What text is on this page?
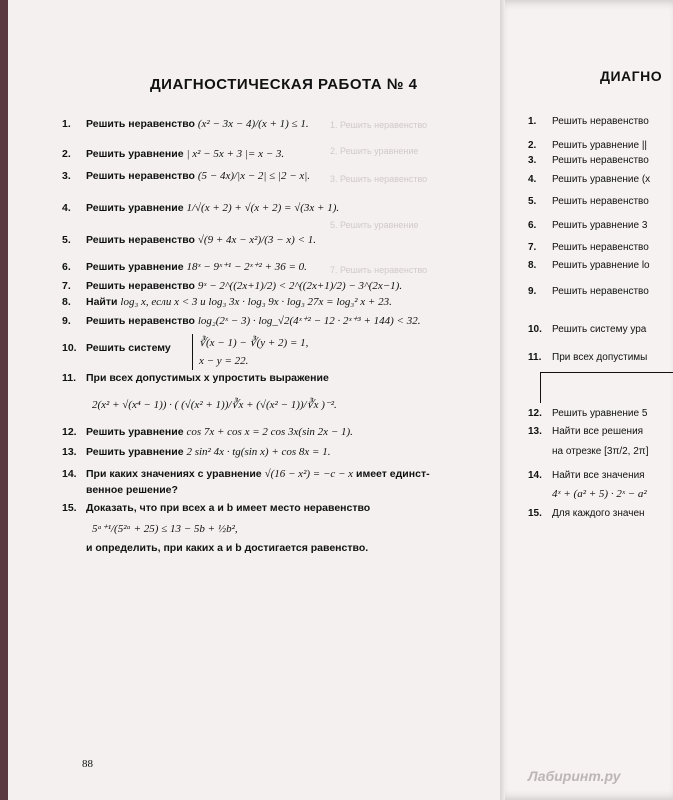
ДИАГНОСТИЧЕСКАЯ РАБОТА № 4
1. Решить неравенство
2. Решить уравнение
3. Решить неравенство
5. Решить уравнение
7. Решить неравенство
1. Решить неравенство (x² − 3x − 4)/(x + 1) ≤ 1.
2. Решить уравнение | x² − 5x + 3 |= x − 3.
3. Решить неравенство (5 − 4x)/|x − 2| ≤ |2 − x|.
4. Решить уравнение 1/√(x + 2) + √(x + 2) = √(3x + 1).
5. Решить неравенство √(9 + 4x − x²)/(3 − x) < 1.
6. Решить уравнение 18ˣ − 9ˣ⁺¹ − 2ˣ⁺² + 36 = 0.
7. Решить неравенство 9ˣ − 2^((2x+1)/2) < 2^((2x+1)/2) − 3^(2x−1).
8. Найти log₃ x, если x < 3 и log₃ 3x · log₃ 9x · log₃ 27x = log₃² x + 23.
9. Решить неравенство log₂(2ˣ − 3) · log_√2(4ˣ⁺² − 12 · 2ˣ⁺³ + 144) < 32.
10. Решить систему	∛(x − 1) − ∛(y + 2) = 1,
x − y = 22.
11. При всех допустимых x упростить выражение
2(x² + √(x⁴ − 1)) · ( (√(x² + 1))/∛x + (√(x² − 1))/∛x )⁻².
12. Решить уравнение cos 7x + cos x = 2 cos 3x(sin 2x − 1).
13. Решить уравнение 2 sin² 4x · tg(sin x) + cos 8x = 1.
14. При каких значениях c уравнение √(16 − x²) = −c − x имеет единст-
венное решение?
15. Доказать, что при всех a и b имеет место неравенство
5ᵃ⁺¹/(5²ᵃ + 25) ≤ 13 − 5b + ½b²,
и определить, при каких a и b достигается равенство.
88
ДИАГНО
1. Решить неравенство
2. Решить уравнение ||
3. Решить неравенство
4. Решить уравнение (x
5. Решить неравенство
6. Решить уравнение 3
7. Решить неравенство
8. Решить уравнение lo
9. Решить неравенство
10. Решить систему ура
11. При всех допустимы
12. Решить уравнение 5
13. Найти все решения
на отрезке [3π/2, 2π]
14. Найти все значения
4ˣ + (a² + 5) · 2ˣ − a²
15. Для каждого значен
Лабиринт.ру
